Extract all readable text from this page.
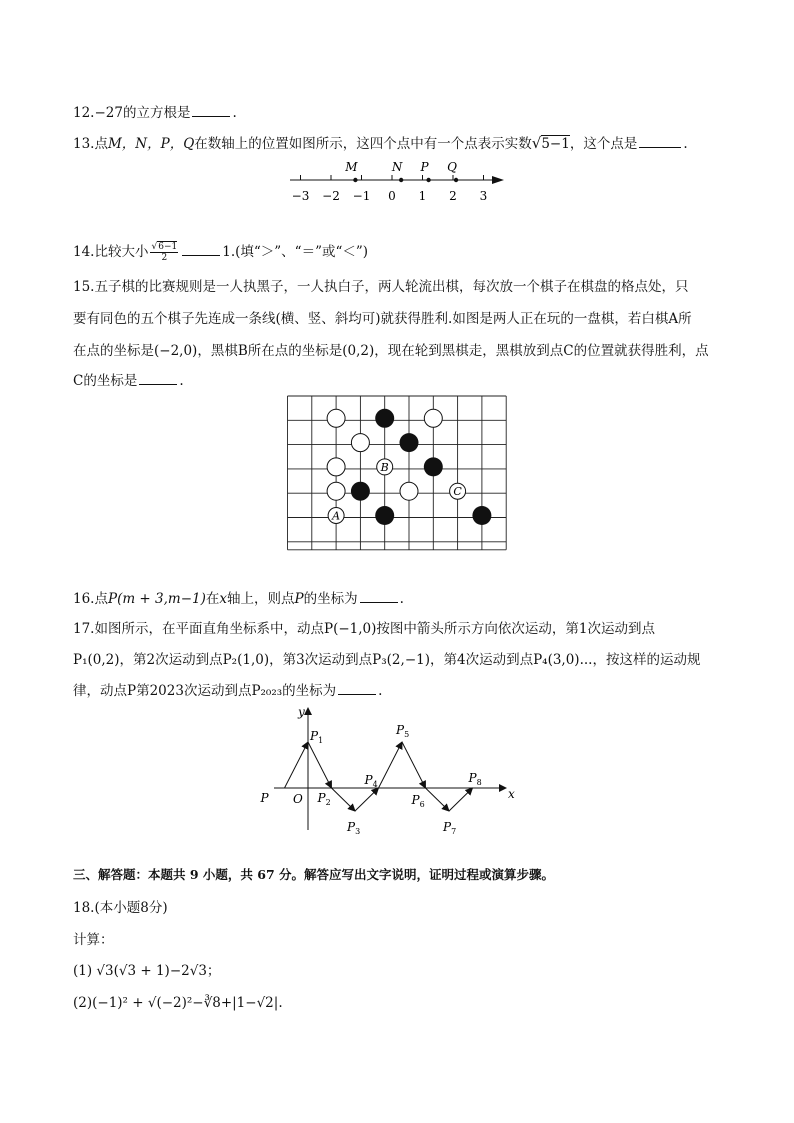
12.−27的立方根是	.
13.点M，N，P，Q在数轴上的位置如图所示，这四个点中有一个点表示实数√5−1，这个点是	.
−3 −2 −1 0 1 2 3
M	N P Q
14.比较大小 $\frac{√6-1}{2}$	1.(填“＞”、“＝”或“＜”)
15.五子棋的比赛规则是一人执黑子，一人执白子，两人轮流出棋，每次放一个棋子在棋盘的格点处，只
要有同色的五个棋子先连成一条线(横、竖、斜均可)就获得胜利.如图是两人正在玩的一盘棋，若白棋A所
在点的坐标是(−2,0)，黑棋B所在点的坐标是(0,2)，现在轮到黑棋走，黑棋放到点C的位置就获得胜利，点
C的坐标是	.
A
B
C
16.点P(m + 3,m−1)在x轴上，则点P的坐标为	.
17.如图所示，在平面直角坐标系中，动点P(−1,0)按图中箭头所示方向依次运动，第1次运动到点
P₁(0,2)，第2次运动到点P₂(1,0)，第3次运动到点P₃(2,−1)，第4次运动到点P₄(3,0)...，按这样的运动规
律，动点P第2023次运动到点P₂₀₂₃的坐标为	.
x
y
O
P
$P_1$
$P_2$
$P_3$
$P_4$
$P_5$
$P_6$
$P_7$
$P_8$
三、解答题：本题共 9 小题，共 67 分。解答应写出文字说明，证明过程或演算步骤。
18.(本小题8分)
计算：
(1) √3(√3 + 1)−2√3；
(2)(−1)² + √(−2)²−∛8+|1−√2|.
